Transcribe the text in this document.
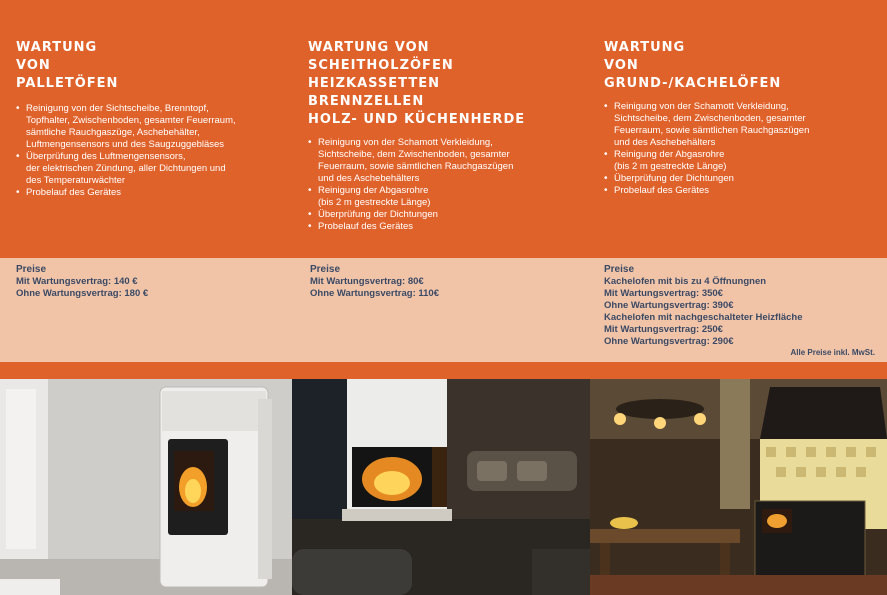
WARTUNG
VON
PALLETÖFEN
• Reinigung von der Sichtscheibe, Brenntopf,
Topfhalter, Zwischenboden, gesamter Feuerraum,
sämtliche Rauchgaszüge, Aschebehälter,
Luftmengensensors und des Saugzuggebläses
• Überprüfung des Luftmengensensors,
der elektrischen Zündung, aller Dichtungen und
des Temperaturwächter
• Probelauf des Gerätes
WARTUNG VON
SCHEITHOLZÖFEN
HEIZKASSETTEN
BRENNZELLEN
HOLZ- UND KÜCHENHERDE
• Reinigung von der Schamott Verkleidung,
Sichtscheibe, dem Zwischenboden, gesamter
Feuerraum, sowie sämtlichen Rauchgaszügen
und des Aschebehälters
• Reinigung der Abgasrohre
(bis 2 m gestreckte Länge)
• Überprüfung der Dichtungen
• Probelauf des Gerätes
WARTUNG
VON
GRUND-/KACHELÖFEN
• Reinigung von der Schamott Verkleidung,
Sichtscheibe, dem Zwischenboden, gesamter
Feuerraum, sowie sämtlichen Rauchgaszügen
und des Aschebehälters
• Reinigung der Abgasrohre
(bis 2 m gestreckte Länge)
• Überprüfung der Dichtungen
• Probelauf des Gerätes
Preise
Mit Wartungsvertrag: 140 €
Ohne Wartungsvertrag: 180 €
Preise
Mit Wartungsvertrag: 80€
Ohne Wartungsvertrag: 110€
Preise
Kachelofen mit bis zu 4 Öffnungnen
Mit Wartungsvertrag: 350€
Ohne Wartungsvertrag: 390€
Kachelofen mit nachgeschalteter Heizfläche
Mit Wartungsvertrag: 250€
Ohne Wartungsvertrag: 290€
Alle Preise inkl. MwSt.
